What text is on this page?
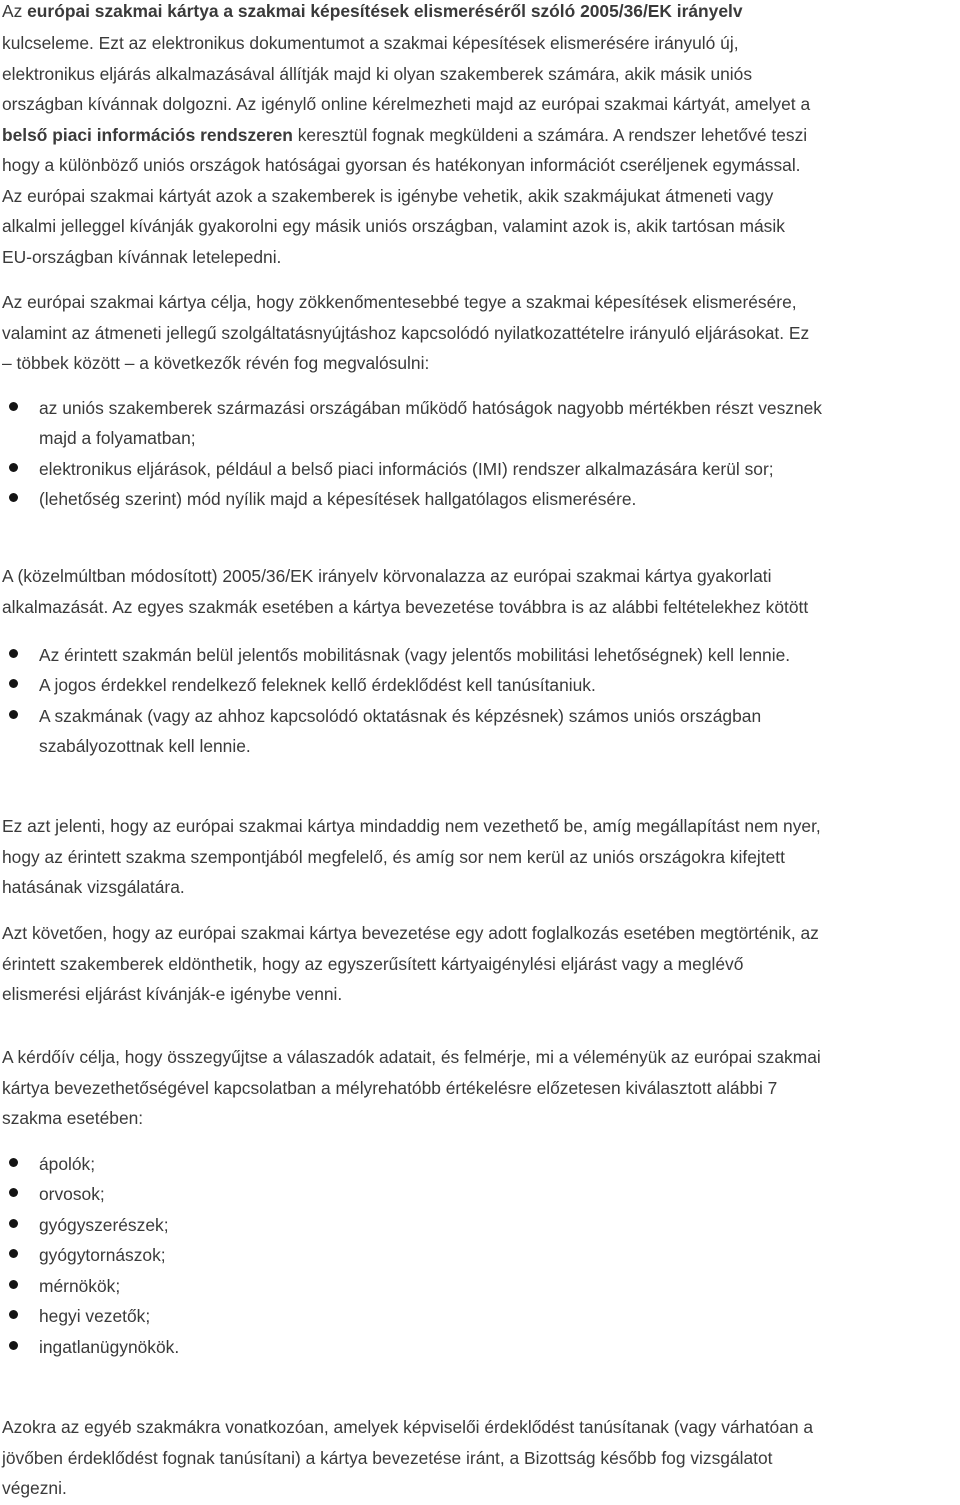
Az európai szakmai kártya a szakmai képesítések elismeréséről szóló 2005/36/EK irányelv
kulcseleme. Ezt az elektronikus dokumentumot a szakmai képesítések elismerésére irányuló új,
elektronikus eljárás alkalmazásával állítják majd ki olyan szakemberek számára, akik másik uniós
országban kívánnak dolgozni. Az igénylő online kérelmezheti majd az európai szakmai kártyát, amelyet a
belső piaci információs rendszeren keresztül fognak megküldeni a számára. A rendszer lehetővé teszi
hogy a különböző uniós országok hatóságai gyorsan és hatékonyan információt cseréljenek egymással.
Az európai szakmai kártyát azok a szakemberek is igénybe vehetik, akik szakmájukat átmeneti vagy
alkalmi jelleggel kívánják gyakorolni egy másik uniós országban, valamint azok is, akik tartósan másik
EU-országban kívánnak letelepedni.
Az európai szakmai kártya célja, hogy zökkenőmentesebbé tegye a szakmai képesítések elismerésére,
valamint az átmeneti jellegű szolgáltatásnyújtáshoz kapcsolódó nyilatkozattételre irányuló eljárásokat. Ez
– többek között – a következők révén fog megvalósulni:
az uniós szakemberek származási országában működő hatóságok nagyobb mértékben részt vesznek
majd a folyamatban;
elektronikus eljárások, például a belső piaci információs (IMI) rendszer alkalmazására kerül sor;
(lehetőség szerint) mód nyílik majd a képesítések hallgatólagos elismerésére.
A (közelmúltban módosított) 2005/36/EK irányelv körvonalazza az európai szakmai kártya gyakorlati
alkalmazását. Az egyes szakmák esetében a kártya bevezetése továbbra is az alábbi feltételekhez kötött
Az érintett szakmán belül jelentős mobilitásnak (vagy jelentős mobilitási lehetőségnek) kell lennie.
A jogos érdekkel rendelkező feleknek kellő érdeklődést kell tanúsítaniuk.
A szakmának (vagy az ahhoz kapcsolódó oktatásnak és képzésnek) számos uniós országban
szabályozottnak kell lennie.
Ez azt jelenti, hogy az európai szakmai kártya mindaddig nem vezethető be, amíg megállapítást nem nyer,
hogy az érintett szakma szempontjából megfelelő, és amíg sor nem kerül az uniós országokra kifejtett
hatásának vizsgálatára.
Azt követően, hogy az európai szakmai kártya bevezetése egy adott foglalkozás esetében megtörténik, az
érintett szakemberek eldönthetik, hogy az egyszerűsített kártyaigénylési eljárást vagy a meglévő
elismerési eljárást kívánják-e igénybe venni.
A kérdőív célja, hogy összegyűjtse a válaszadók adatait, és felmérje, mi a véleményük az európai szakmai
kártya bevezethetőségével kapcsolatban a mélyrehatóbb értékelésre előzetesen kiválasztott alábbi 7
szakma esetében:
ápolók;
orvosok;
gyógyszerészek;
gyógytornászok;
mérnökök;
hegyi vezetők;
ingatlanügynökök.
Azokra az egyéb szakmákra vonatkozóan, amelyek képviselői érdeklődést tanúsítanak (vagy várhatóan a
jövőben érdeklődést fognak tanúsítani) a kártya bevezetése iránt, a Bizottság később fog vizsgálatot
végezni.
